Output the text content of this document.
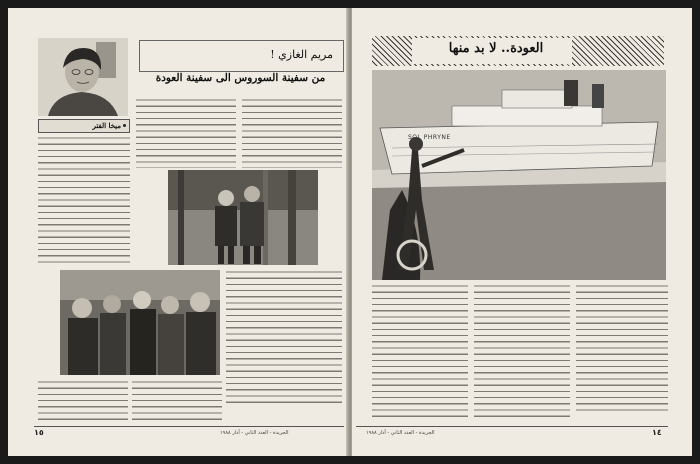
مريم الغازي !
من سفينة السوروس الى سفينة العودة
ميخا الفتر
الجريدة - العدد الثاني - آذار ١٩٨٨
١٥
العودة.. لا بد منها
SOL PHRYNE
الجريدة - العدد الثاني - آذار ١٩٨٨	١٤
